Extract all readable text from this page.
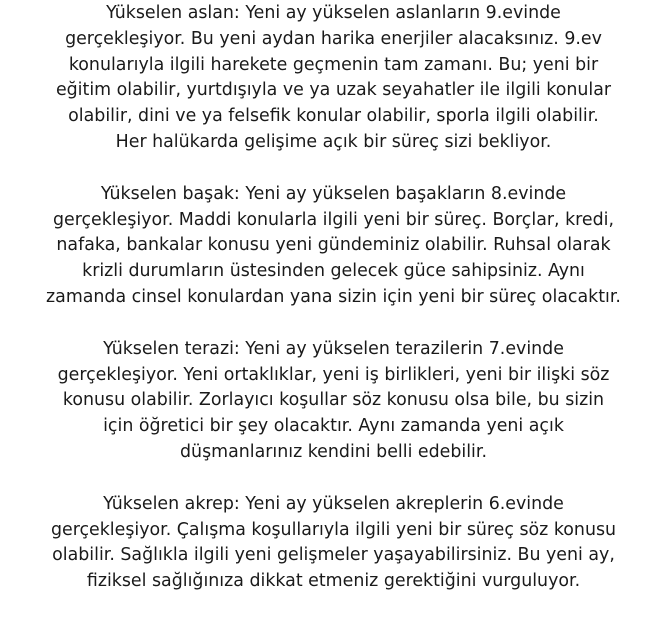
Yükselen aslan: Yeni ay yükselen aslanların 9.evinde
gerçekleşiyor. Bu yeni aydan harika enerjiler alacaksınız. 9.ev
konularıyla ilgili harekete geçmenin tam zamanı. Bu; yeni bir
eğitim olabilir, yurtdışıyla ve ya uzak seyahatler ile ilgili konular
olabilir, dini ve ya felsefik konular olabilir, sporla ilgili olabilir.
Her halükarda gelişime açık bir süreç sizi bekliyor.
Yükselen başak: Yeni ay yükselen başakların 8.evinde
gerçekleşiyor. Maddi konularla ilgili yeni bir süreç. Borçlar, kredi,
nafaka, bankalar konusu yeni gündeminiz olabilir. Ruhsal olarak
krizli durumların üstesinden gelecek güce sahipsiniz. Aynı
zamanda cinsel konulardan yana sizin için yeni bir süreç olacaktır.
Yükselen terazi: Yeni ay yükselen terazilerin 7.evinde
gerçekleşiyor. Yeni ortaklıklar, yeni iş birlikleri, yeni bir ilişki söz
konusu olabilir. Zorlayıcı koşullar söz konusu olsa bile, bu sizin
için öğretici bir şey olacaktır. Aynı zamanda yeni açık
düşmanlarınız kendini belli edebilir.
Yükselen akrep: Yeni ay yükselen akreplerin 6.evinde
gerçekleşiyor. Çalışma koşullarıyla ilgili yeni bir süreç söz konusu
olabilir. Sağlıkla ilgili yeni gelişmeler yaşayabilirsiniz. Bu yeni ay,
fiziksel sağlığınıza dikkat etmeniz gerektiğini vurguluyor.
